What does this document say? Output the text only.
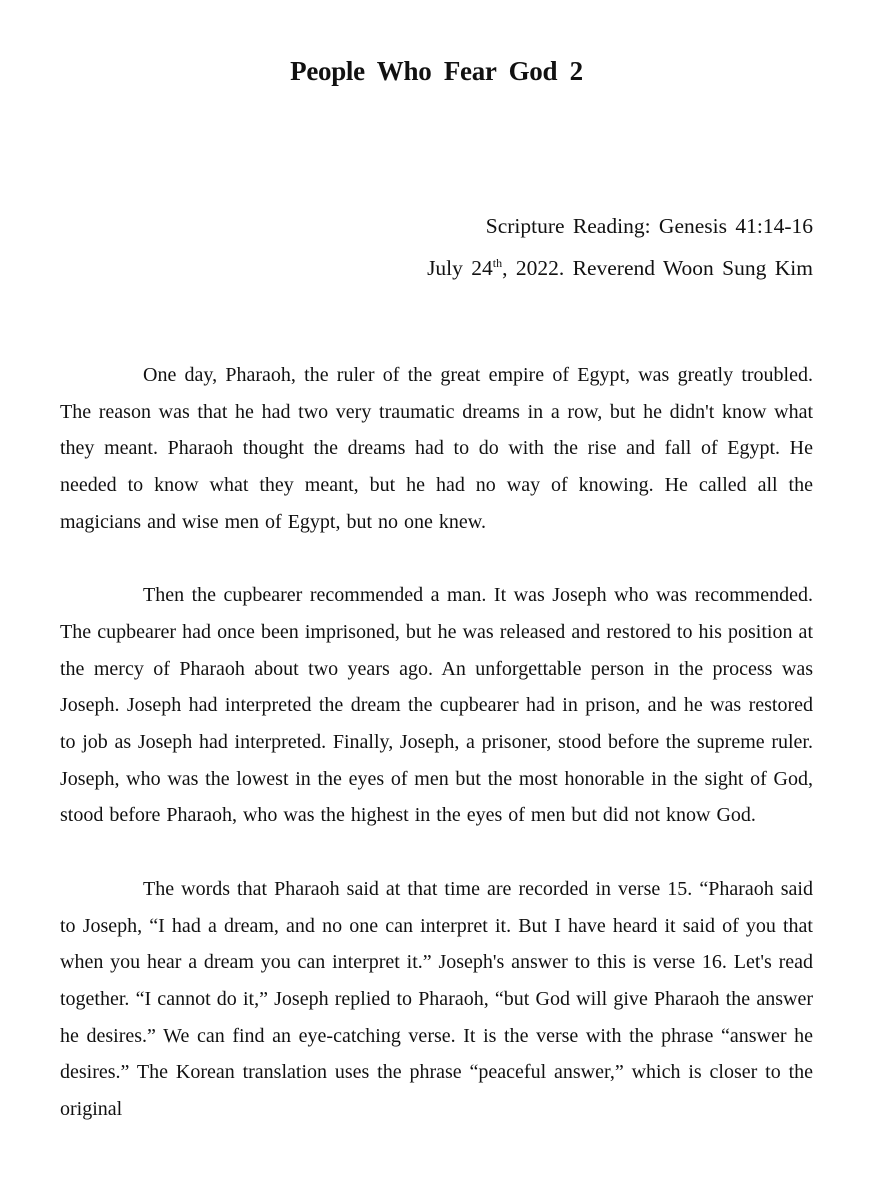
People Who Fear God 2
Scripture Reading: Genesis 41:14-16
July 24th, 2022. Reverend Woon Sung Kim

One day, Pharaoh, the ruler of the great empire of Egypt, was greatly troubled. The reason was that he had two very traumatic dreams in a row, but he didn't know what they meant. Pharaoh thought the dreams had to do with the rise and fall of Egypt. He needed to know what they meant, but he had no way of knowing. He called all the magicians and wise men of Egypt, but no one knew.

Then the cupbearer recommended a man. It was Joseph who was recommended. The cupbearer had once been imprisoned, but he was released and restored to his position at the mercy of Pharaoh about two years ago. An unforgettable person in the process was Joseph. Joseph had interpreted the dream the cupbearer had in prison, and he was restored to job as Joseph had interpreted. Finally, Joseph, a prisoner, stood before the supreme ruler. Joseph, who was the lowest in the eyes of men but the most honorable in the sight of God, stood before Pharaoh, who was the highest in the eyes of men but did not know God.

The words that Pharaoh said at that time are recorded in verse 15. “Pharaoh said to Joseph, “I had a dream, and no one can interpret it. But I have heard it said of you that when you hear a dream you can interpret it.” Joseph's answer to this is verse 16. Let's read together. “I cannot do it,” Joseph replied to Pharaoh, “but God will give Pharaoh the answer he desires.” We can find an eye-catching verse. It is the verse with the phrase “answer he desires.” The Korean translation uses the phrase “peaceful answer,” which is closer to the original
